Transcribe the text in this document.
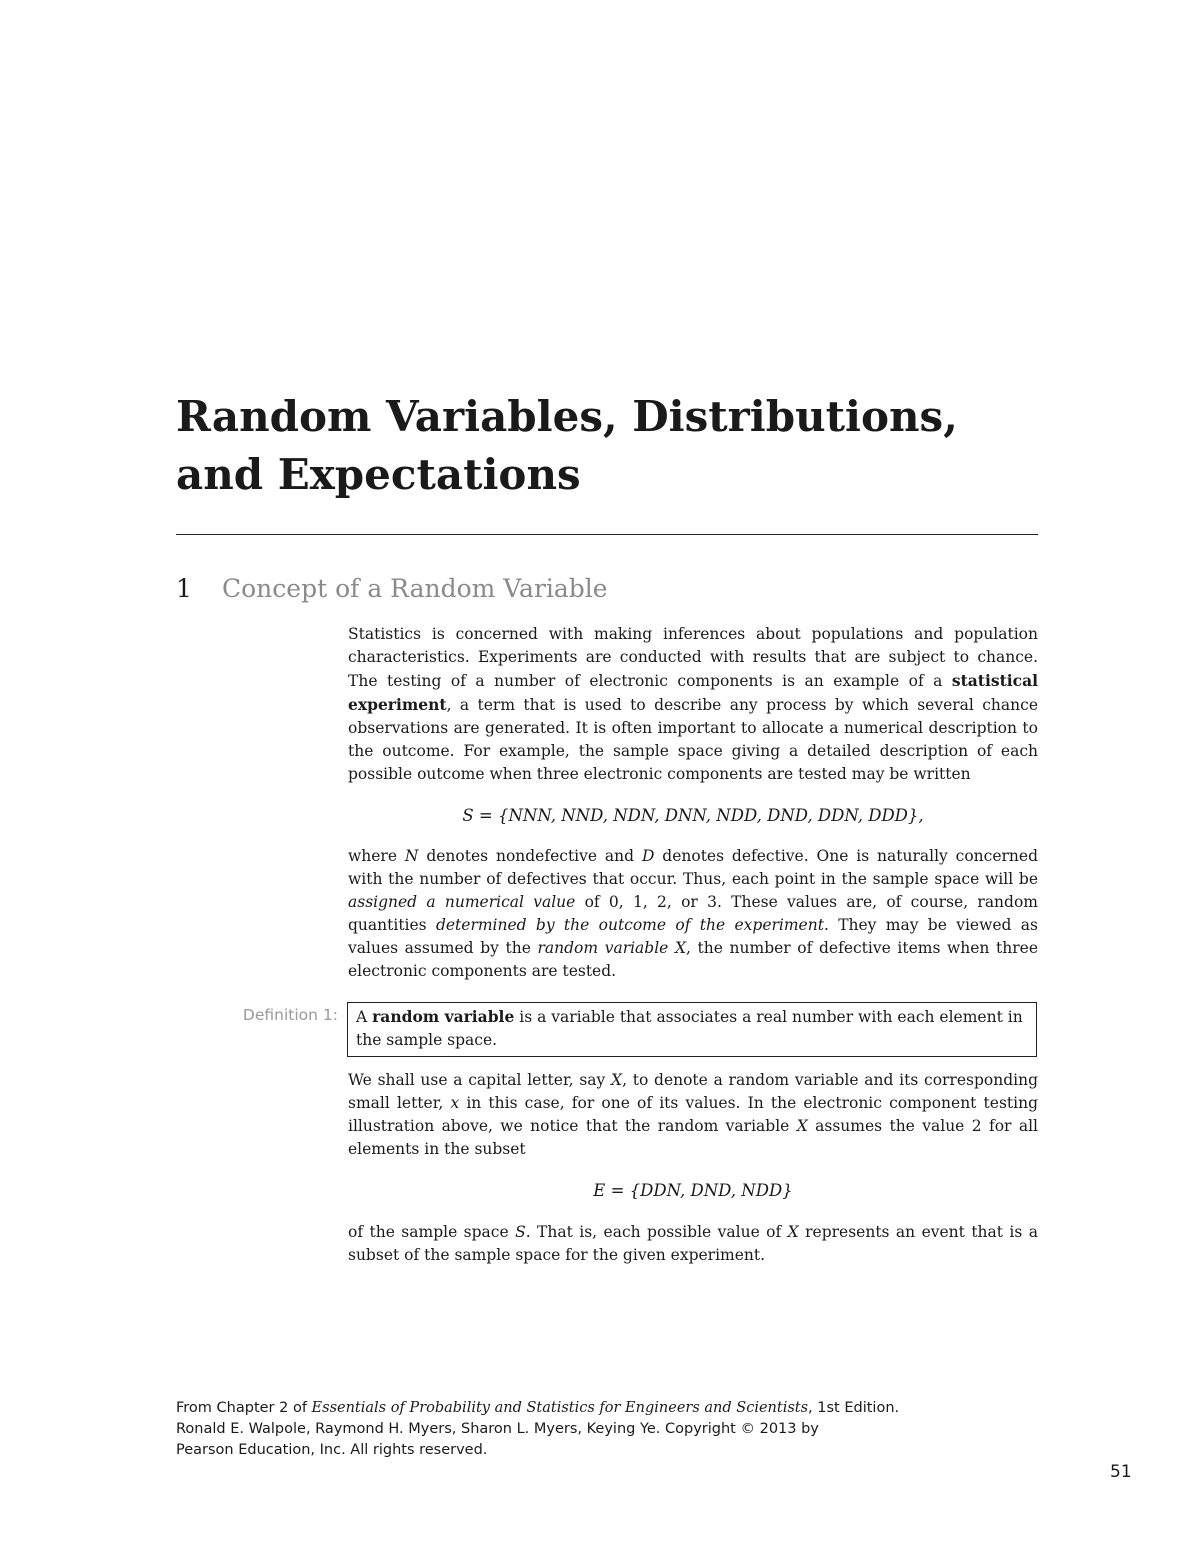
Random Variables, Distributions,
and Expectations
1 Concept of a Random Variable

Statistics is concerned with making inferences about populations and population characteristics. Experiments are conducted with results that are subject to chance. The testing of a number of electronic components is an example of a statistical experiment, a term that is used to describe any process by which several chance observations are generated. It is often important to allocate a numerical description to the outcome. For example, the sample space giving a detailed description of each possible outcome when three electronic components are tested may be written

S = {NNN, NND, NDN, DNN, NDD, DND, DDN, DDD},

where N denotes nondefective and D denotes defective. One is naturally concerned with the number of defectives that occur. Thus, each point in the sample space will be assigned a numerical value of 0, 1, 2, or 3. These values are, of course, random quantities determined by the outcome of the experiment. They may be viewed as values assumed by the random variable X, the number of defective items when three electronic components are tested.

Definition 1:	A random variable is a variable that associates a real number with each element in the sample space.

We shall use a capital letter, say X, to denote a random variable and its corresponding small letter, x in this case, for one of its values. In the electronic component testing illustration above, we notice that the random variable X assumes the value 2 for all elements in the subset

E = {DDN, DND, NDD}

of the sample space S. That is, each possible value of X represents an event that is a subset of the sample space for the given experiment.

From Chapter 2 of Essentials of Probability and Statistics for Engineers and Scientists, 1st Edition.
Ronald E. Walpole, Raymond H. Myers, Sharon L. Myers, Keying Ye. Copyright © 2013 by
Pearson Education, Inc. All rights reserved.
51
